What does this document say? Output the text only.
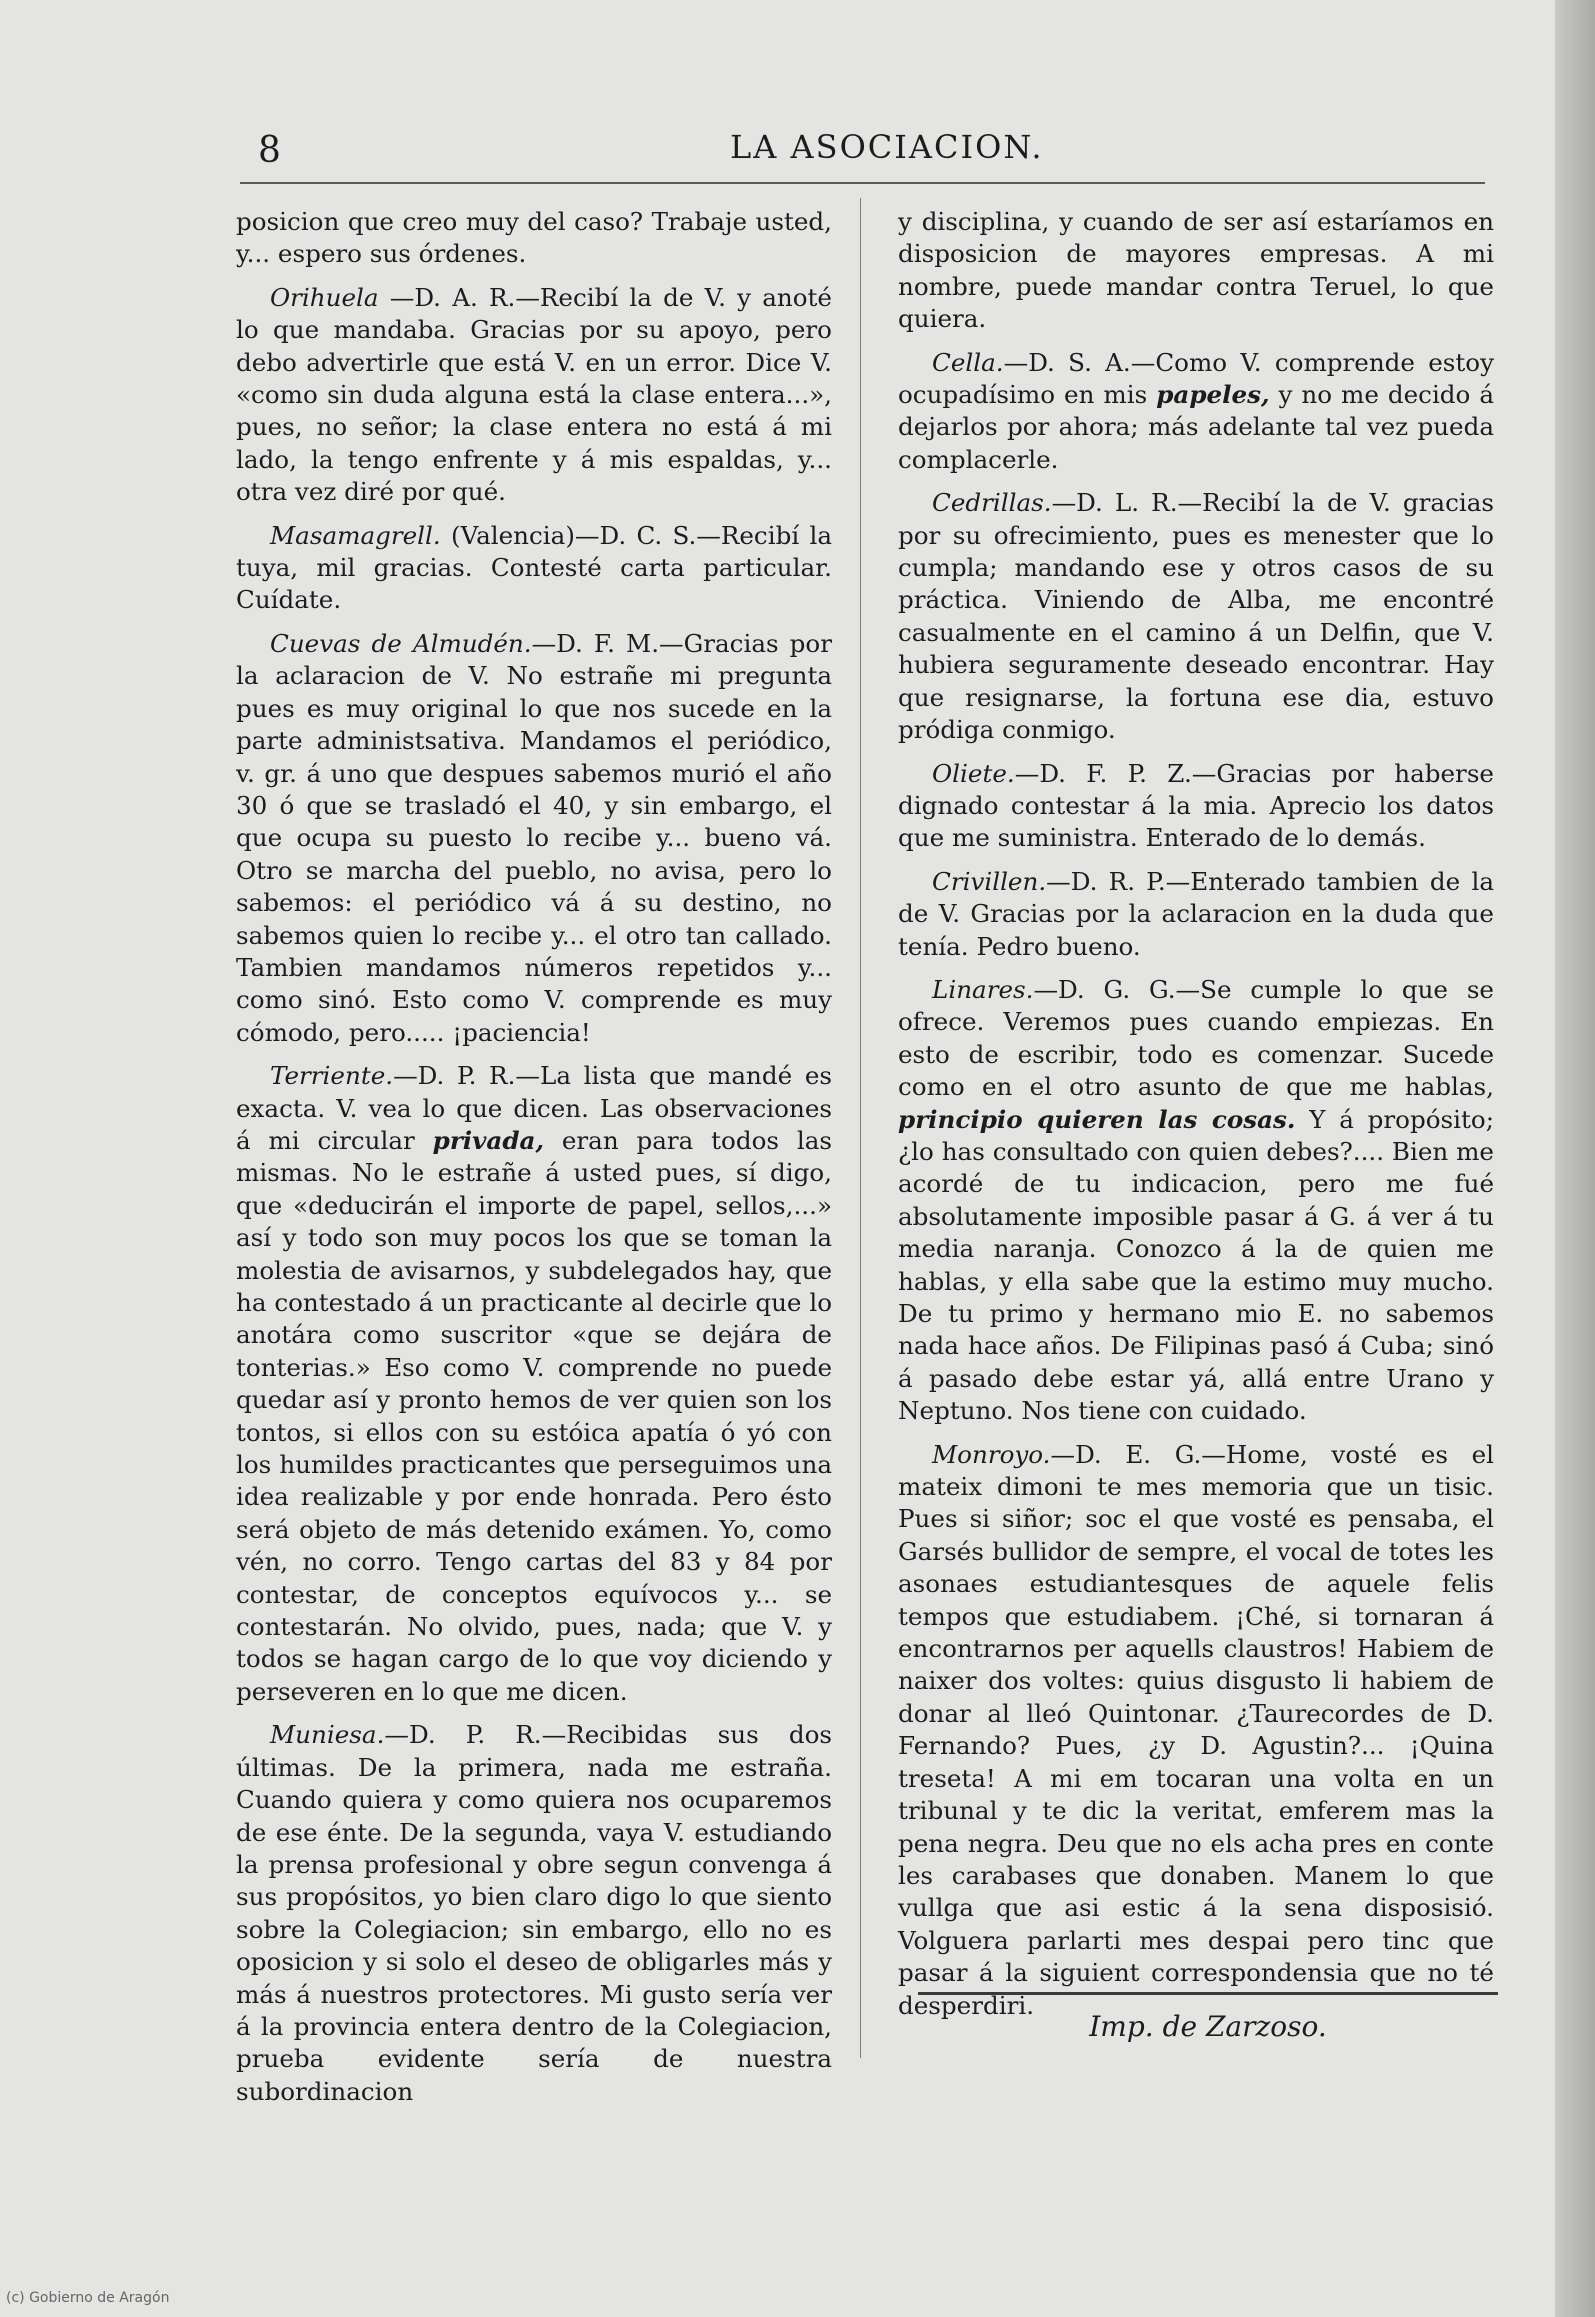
8	LA ASOCIACION.

posicion que creo muy del caso? Trabaje usted, y... espero sus órdenes.

Orihuela —D. A. R.—Recibí la de V. y anoté lo que mandaba. Gracias por su apoyo, pero debo advertirle que está V. en un error. Dice V. «como sin duda alguna está la clase entera...», pues, no señor; la clase entera no está á mi lado, la tengo enfrente y á mis espaldas, y... otra vez diré por qué.

Masamagrell. (Valencia)—D. C. S.—Recibí la tuya, mil gracias. Contesté carta particular. Cuídate.

Cuevas de Almudén.—D. F. M.—Gracias por la aclaracion de V. No estrañe mi pregunta pues es muy original lo que nos sucede en la parte administsativa. Mandamos el periódico, v. gr. á uno que despues sabemos murió el año 30 ó que se trasladó el 40, y sin embargo, el que ocupa su puesto lo recibe y... bueno vá. Otro se marcha del pueblo, no avisa, pero lo sabemos: el periódico vá á su destino, no sabemos quien lo recibe y... el otro tan callado. Tambien mandamos números repetidos y... como sinó. Esto como V. comprende es muy cómodo, pero..... ¡paciencia!

Terriente.—D. P. R.—La lista que mandé es exacta. V. vea lo que dicen. Las observaciones á mi circular privada, eran para todos las mismas. No le estrañe á usted pues, sí digo, que «deducirán el importe de papel, sellos,...» así y todo son muy pocos los que se toman la molestia de avisarnos, y subdelegados hay, que ha contestado á un practicante al decirle que lo anotára como suscritor «que se dejára de tonterias.» Eso como V. comprende no puede quedar así y pronto hemos de ver quien son los tontos, si ellos con su estóica apatía ó yó con los humildes practicantes que perseguimos una idea realizable y por ende honrada. Pero ésto será objeto de más detenido exámen. Yo, como vén, no corro. Tengo cartas del 83 y 84 por contestar, de conceptos equívocos y... se contestarán. No olvido, pues, nada; que V. y todos se hagan cargo de lo que voy diciendo y perseveren en lo que me dicen.

Muniesa.—D. P. R.—Recibidas sus dos últimas. De la primera, nada me estraña. Cuando quiera y como quiera nos ocuparemos de ese énte. De la segunda, vaya V. estudiando la prensa profesional y obre segun convenga á sus propósitos, yo bien claro digo lo que siento sobre la Colegiacion; sin embargo, ello no es oposicion y si solo el deseo de obligarles más y más á nuestros protectores. Mi gusto sería ver á la provincia entera dentro de la Colegiacion, prueba evidente sería de nuestra subordinacion

y disciplina, y cuando de ser así estaríamos en disposicion de mayores empresas. A mi nombre, puede mandar contra Teruel, lo que quiera.

Cella.—D. S. A.—Como V. comprende estoy ocupadísimo en mis papeles, y no me decido á dejarlos por ahora; más adelante tal vez pueda complacerle.

Cedrillas.—D. L. R.—Recibí la de V. gracias por su ofrecimiento, pues es menester que lo cumpla; mandando ese y otros casos de su práctica. Viniendo de Alba, me encontré casualmente en el camino á un Delfin, que V. hubiera seguramente deseado encontrar. Hay que resignarse, la fortuna ese dia, estuvo pródiga conmigo.

Oliete.—D. F. P. Z.—Gracias por haberse dignado contestar á la mia. Aprecio los datos que me suministra. Enterado de lo demás.

Crivillen.—D. R. P.—Enterado tambien de la de V. Gracias por la aclaracion en la duda que tenía. Pedro bueno.

Linares.—D. G. G.—Se cumple lo que se ofrece. Veremos pues cuando empiezas. En esto de escribir, todo es comenzar. Sucede como en el otro asunto de que me hablas, principio quieren las cosas. Y á propósito; ¿lo has consultado con quien debes?.... Bien me acordé de tu indicacion, pero me fué absolutamente imposible pasar á G. á ver á tu media naranja. Conozco á la de quien me hablas, y ella sabe que la estimo muy mucho. De tu primo y hermano mio E. no sabemos nada hace años. De Filipinas pasó á Cuba; sinó á pasado debe estar yá, allá entre Urano y Neptuno. Nos tiene con cuidado.

Monroyo.—D. E. G.—Home, vosté es el mateix dimoni te mes memoria que un tisic. Pues si siñor; soc el que vosté es pensaba, el Garsés bullidor de sempre, el vocal de totes les asonaes estudiantesques de aquele felis tempos que estudiabem. ¡Ché, si tornaran á encontrarnos per aquells claustros! Habiem de naixer dos voltes: quius disgusto li habiem de donar al lleó Quintonar. ¿Taurecordes de D. Fernando? Pues, ¿y D. Agustin?... ¡Quina treseta! A mi em tocaran una volta en un tribunal y te dic la veritat, emferem mas la pena negra. Deu que no els acha pres en conte les carabases que donaben. Manem lo que vullga que asi estic á la sena disposisió. Volguera parlarti mes despai pero tinc que pasar á la siguient correspondensia que no té desperdiri.

Imp. de Zarzoso.
(c) Gobierno de Aragón
